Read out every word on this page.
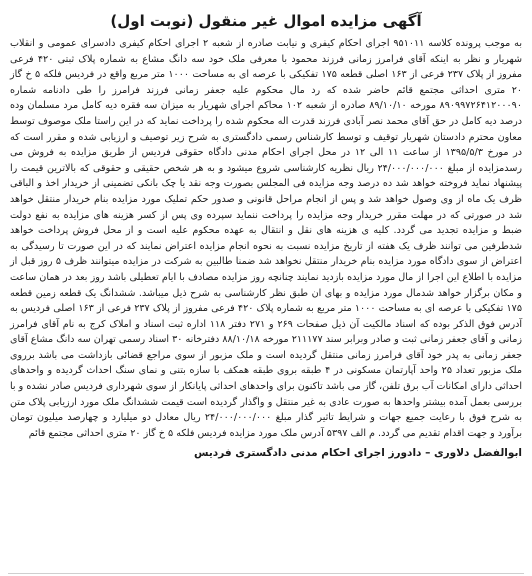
آگهی مزایده اموال غیر منقول (نوبت اول)

به موجب پرونده کلاسه ۹۵۱۰۱۱ اجرای احکام کیفری و نیابت صادره از شعبه ۲ اجرای احکام کیفری دادسرای عمومی و انقلاب شهریار و نظر به اینکه آقای فرامرز زمانی فرزند محمود با معرفی ملک خود سه دانگ مشاع به شماره پلاک ثبتی ۴۲۰ فرعی مفروز از پلاک ۲۳۷ فرعی از ۱۶۳ اصلی قطعه ۱۷۵ تفکیکی با عرصه ای به مساحت ۱۰۰۰ متر مربع واقع در فردیس فلکه ۵ خ گاز ۲۰ متری احداثی مجتمع قائم حاضر شده که رد مال محکوم علیه جعفر زمانی فرزند فرامرز را طی دادنامه شماره ۸۹۰۹۹۷۲۶۴۱۲۰۰۰۹۰ مورخه ۸۹/۱۰/۱۰ صادره از شعبه ۱۰۲ محاکم اجرای شهریار به میزان سه فقره دیه کامل مرد مسلمان وده درصد دیه کامل در حق آقای محمد نصر آبادی فرزند قدرت اله محکوم شده را پرداخت نماید که در این راستا ملک موصوف توسط معاون محترم دادستان شهریار توقیف و توسط کارشناس رسمی دادگستری به شرح زیر توصیف و ارزیابی شده و مقرر است که در مورخ ۱۳۹۵/۵/۳ از ساعت ۱۱ الی ۱۲ در محل اجرای احکام مدنی دادگاه حقوقی فردیس از طریق مزایده به فروش می رسدمزایده از مبلغ ۲۴/۰۰۰/۰۰۰/۰۰۰ ریال نظریه کارشناسی شروع میشود و به هر شخص حقیقی و حقوقی که بالاترین قیمت را پیشنهاد نماید فروخته خواهد شد ده درصد وجه مزایده فی المجلس بصورت وجه نقد یا چک بانکی تضمینی از خریدار اخذ و الباقی ظرف یک ماه از وی وصول خواهد شد و پس از انجام مراحل قانونی و صدور حکم تملیک مورد مزایده بنام خریدار منتقل خواهد شد در صورتی که در مهلت مقرر خریدار وجه مزایده را پرداخت ننماید سپرده وی پس از کسر هزینه های مزایده به نفع دولت ضبط و مزایده تجدید می گردد. کلیه ی هزینه های نقل و انتقال به عهده محکوم علیه است و از محل فروش پرداخت خواهد شدطرفین می توانند ظرف یک هفته از تاریخ مزایده نسبت به نحوه انجام مزایده اعتراض نمایند که در این صورت تا رسیدگی به اعتراض از سوی دادگاه مورد مزایده بنام خریدار منتقل نخواهد شد ضمنا طالبین به شرکت در مزایده میتوانند ظرف ۵ روز قبل از مزایده با اطلاع این اجرا از مال مورد مزایده بازدید نمایند چنانچه روز مزایده مصادف با ایام تعطیلی باشد روز بعد در همان ساعت و مکان برگزار خواهد شدمال مورد مزایده و بهای ان طبق نظر کارشناسی به شرح ذیل میباشد. ششدانگ یک قطعه زمین قطعه ۱۷۵ تفکیکی با عرصه ای به مساحت ۱۰۰۰ متر مربع به شماره پلاک ۴۲۰ فرعی مفروز از پلاک ۲۳۷ فرعی از ۱۶۳ اصلی فردیس به آدرس فوق الذکر بوده که اسناد مالکیت آن ذیل صفحات ۲۶۹ و ۲۷۱ دفتر ۱۱۸ اداره ثبت اسناد و املاک کرج به نام آقای فرامرز زمانی و آقای جعفر زمانی ثبت و صادر وبرابر سند ۲۱۱۱۷۷ مورخه ۸۸/۱۰/۱۸ دفترخانه ۳۰ اسناد رسمی تهران سه دانگ مشاع آقای جعفر زمانی به پدر خود آقای فرامرز زمانی منتقل گردیده است و ملک مزبور از سوی مراجع قضائی بازداشت می باشد برروی ملک مزبور تعداد ۲۵ واحد آپارتمان مسکونی در ۴ طبقه بروی طبقه همکف با سازه بتنی و نمای سنگ احداث گردیده و واحدهای احداثی دارای امکانات آب برق تلفن، گاز می باشد تاکنون برای واحدهای احداثی پایانکار از سوی شهرداری فردیس صادر نشده و با بررسی بعمل آمده بیشتر واحدها به صورت عادی به غیر منتقل و واگذار گردیده است قیمت ششدانگ ملک مورد ارزیابی پلاک متن به شرح فوق با رعایت جمیع جهات و شرایط تاثیر گذار مبلغ ۲۴/۰۰۰/۰۰۰/۰۰۰ ریال معادل دو میلیارد و چهارصد میلیون تومان برآورد و جهت اقدام تقدیم می گردد. م الف ۵۳۹۷ آدرس ملک مورد مزایده فردیس فلکه ۵ خ گاز ۲۰ متری احداثی مجتمع قائم

ابوالفضل دلاوری – دادورز اجرای احکام مدنی دادگستری فردیس
